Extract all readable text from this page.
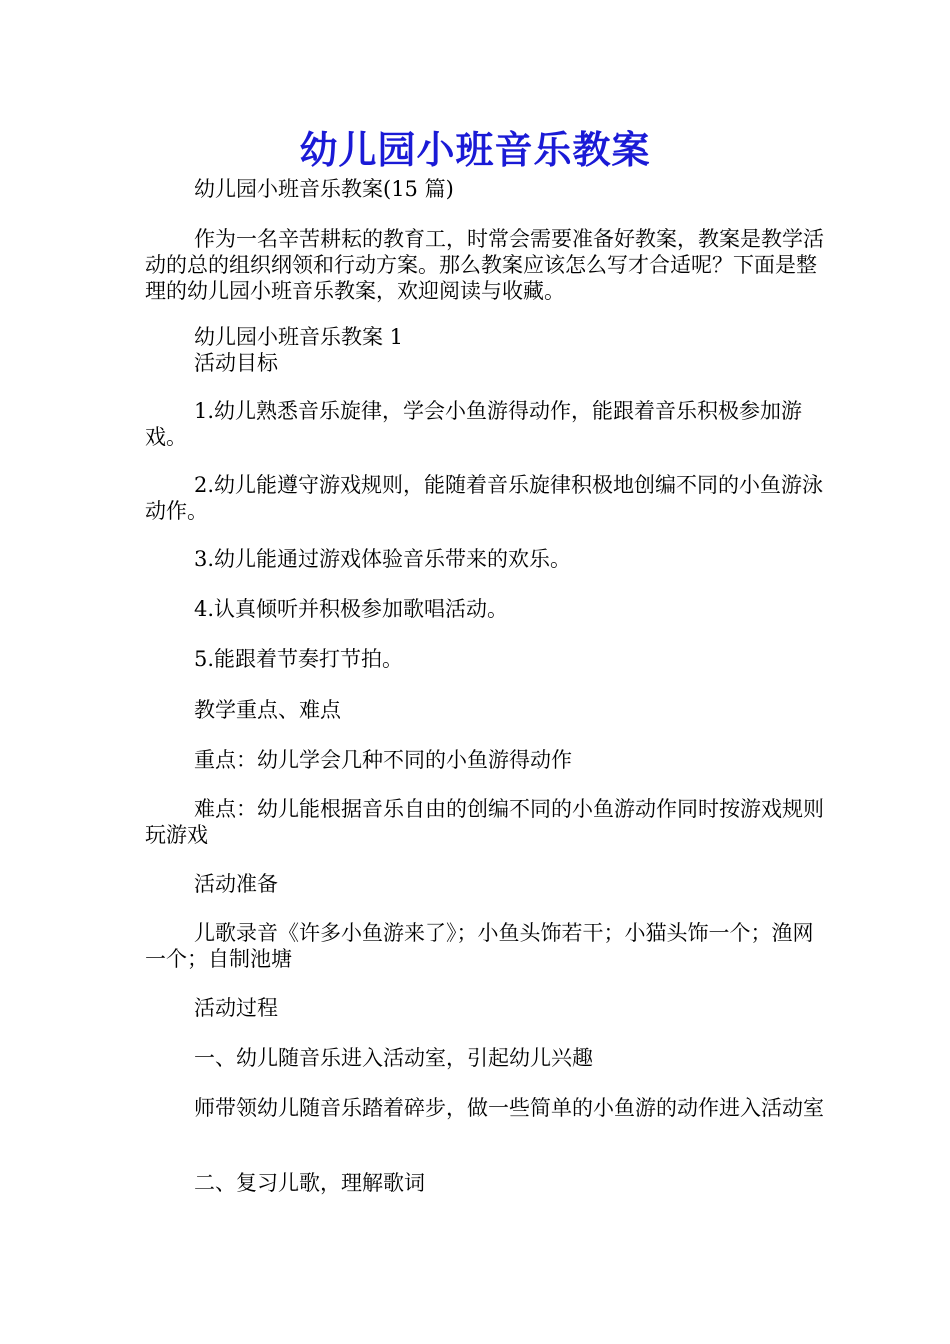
幼儿园小班音乐教案
幼儿园小班音乐教案(15 篇)
作为一名辛苦耕耘的教育工，时常会需要准备好教案，教案是教学活动的总的组织纲领和行动方案。那么教案应该怎么写才合适呢？下面是整理的幼儿园小班音乐教案，欢迎阅读与收藏。
幼儿园小班音乐教案 1
活动目标
1.幼儿熟悉音乐旋律，学会小鱼游得动作，能跟着音乐积极参加游戏。
2.幼儿能遵守游戏规则，能随着音乐旋律积极地创编不同的小鱼游泳动作。
3.幼儿能通过游戏体验音乐带来的欢乐。
4.认真倾听并积极参加歌唱活动。
5.能跟着节奏打节拍。
教学重点、难点
重点：幼儿学会几种不同的小鱼游得动作
难点：幼儿能根据音乐自由的创编不同的小鱼游动作同时按游戏规则玩游戏
活动准备
儿歌录音《许多小鱼游来了》；小鱼头饰若干；小猫头饰一个；渔网一个；自制池塘
活动过程
一、幼儿随音乐进入活动室，引起幼儿兴趣
师带领幼儿随音乐踏着碎步，做一些简单的小鱼游的动作进入活动室
二、复习儿歌，理解歌词
